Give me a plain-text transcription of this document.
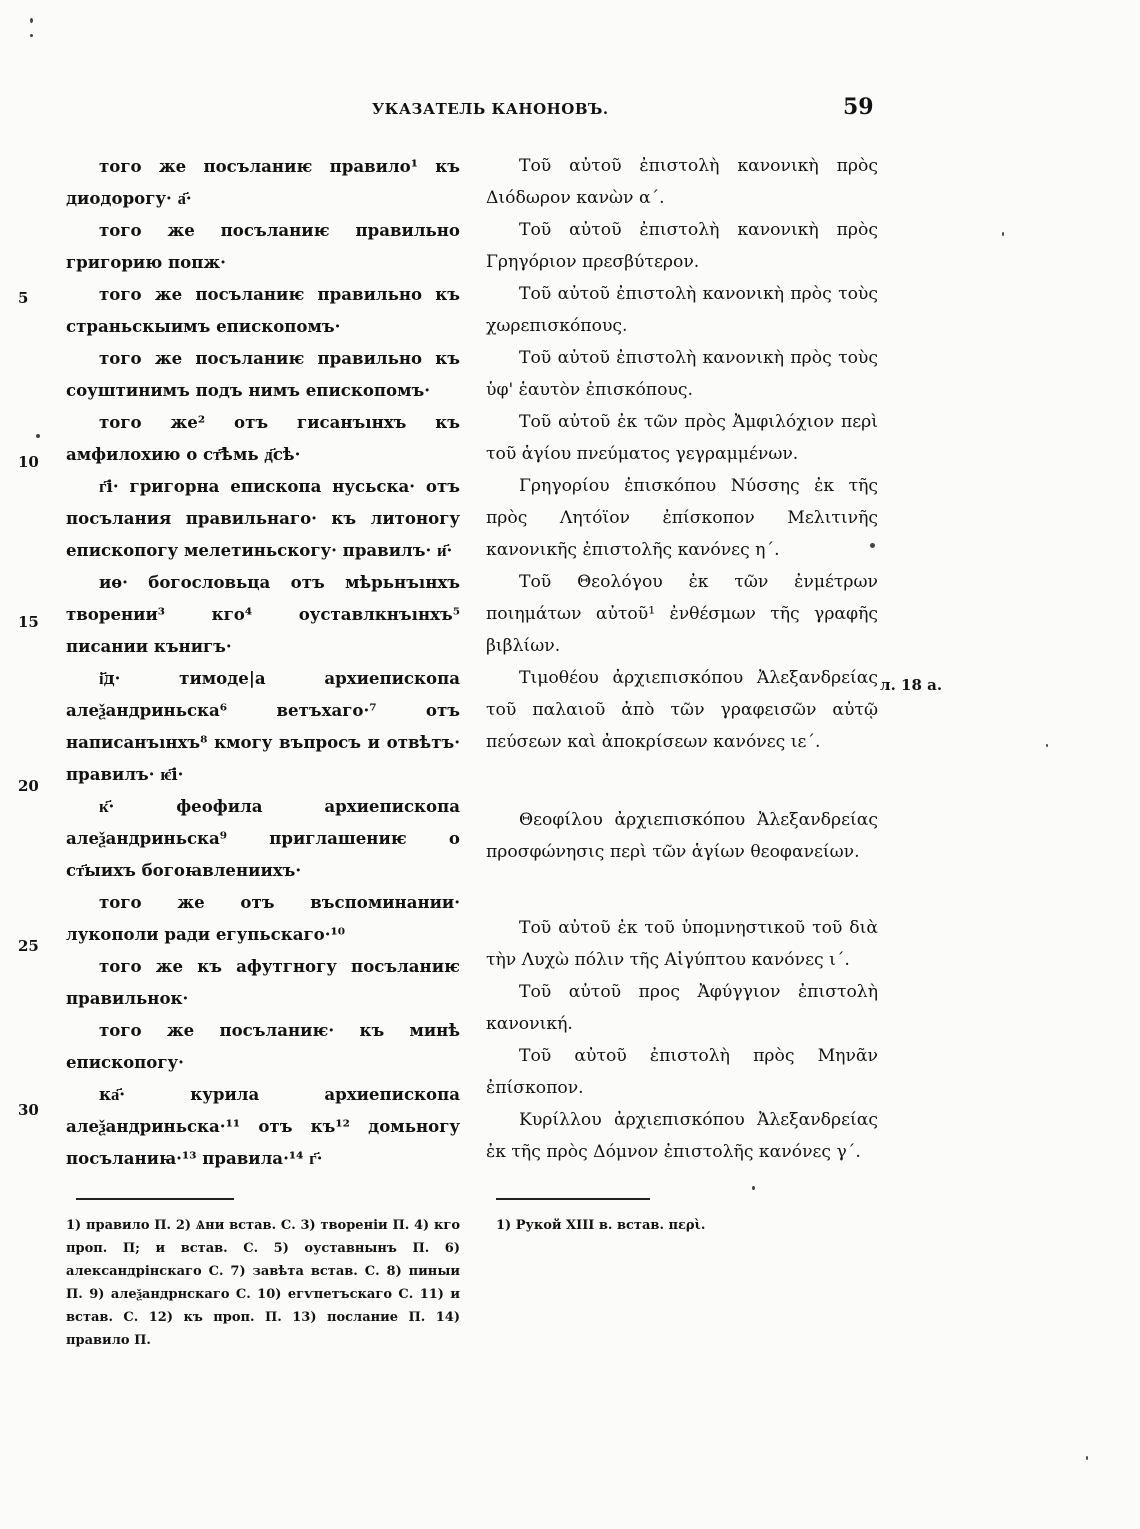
УКАЗАТЕЛЬ КАНОНОВЪ.	59
5
10
15
20
25
30
того же посъланиѥ правило¹ къ диодорогу· а҃·
того же посъланиѥ правильно григорию попж·
того же посъланиѥ правильно къ страньскыимъ епископомъ·
того же посъланиѥ правильно къ соуштинимъ подъ нимъ епископомъ·
того же² отъ гисанъıнхъ къ амфилохию о ст҃ѣмь д҃сѣ·
г҃і· григорна епископа нусьска· отъ посълания правильнаго· къ литоногу епископогу мелетиньскогу· правилъ· и҃·
иѳ· богословьца отъ мѣрьнъıнхъ творении³ кго⁴ оуставлкнъıнхъ⁵ писании кънигъ·
і҃д· тимоде|а архиепископа алеѯандриньска⁶ ветъхаго·⁷ отъ написанъıнхъ⁸ кмогу въпросъ и отвѣтъ· правилъ· ѥ҃і·
к҃· феофила архиепископа алеѯандриньска⁹ приглашениѥ о ст҃ыихъ богоꙗвлениихъ·
того же отъ въспоминании· лукополи ради егупьскаго·¹⁰
того же къ афутгногу посъланиѥ правильнок·
того же посъланиѥ· къ минѣ епископогу·
ка҃· курила архиепископа алеѯандриньска·¹¹ отъ къ¹² домьногу посъланиꙗ·¹³ правила·¹⁴ г҃·
Τοῦ αὐτοῦ ἐπιστολὴ κανονικὴ πρὸς Διόδωρον κανὼν α΄.
Τοῦ αὐτοῦ ἐπιστολὴ κανονικὴ πρὸς Γρηγόριον πρεσβύτερον.
Τοῦ αὐτοῦ ἐπιστολὴ κανονικὴ πρὸς τοὺς χωρεπισκόπους.
Τοῦ αὐτοῦ ἐπιστολὴ κανονικὴ πρὸς τοὺς ὑφ' ἑαυτὸν ἐπισκόπους.
Τοῦ αὐτοῦ ἐκ τῶν πρὸς Ἀμφιλόχιον περὶ τοῦ ἁγίου πνεύματος γεγραμμένων.
Γρηγορίου ἐπισκόπου Νύσσης ἐκ τῆς πρὸς Λητόϊον ἐπίσκοπον Μελιτινῆς κανονικῆς ἐπιστολῆς κανόνες η΄.
Τοῦ Θεολόγου ἐκ τῶν ἐνμέτρων ποιημάτων αὐτοῦ¹ ἐνθέσμων τῆς γραφῆς βιβλίων.
Τιμοθέου ἀρχιεπισκόπου Ἀλεξανδρείας τοῦ παλαιοῦ ἀπὸ τῶν γραφεισῶν αὐτῷ πεύσεων καὶ ἀποκρίσεων κανόνες ιε΄.
Θεοφίλου ἀρχιεπισκόπου Ἀλεξανδρείας προσφώνησις περὶ τῶν ἁγίων θεοφανείων.
Τοῦ αὐτοῦ ἐκ τοῦ ὑπομνηστικοῦ τοῦ διὰ τὴν Λυχὼ πόλιν τῆς Αἰγύπτου κανόνες ι΄.
Τοῦ αὐτοῦ προς Ἀφύγγιον ἐπιστολὴ κανονική.
Τοῦ αὐτοῦ ἐπιστολὴ πρὸς Μηνᾶν ἐπίσκοπον.
Κυρίλλου ἀρχιεπισκόπου Ἀλεξανδρείας ἐκ τῆς πρὸς Δόμνον ἐπιστολῆς κανόνες γ΄.
л. 18 а.
1) правило П. 2) Ѧни встав. С. 3) творенiи П. 4) кго проп. П; и встав. С. 5) оуставнынъ П. 6) александрiнскаго С. 7) завѣта встав. С. 8) пиныи П. 9) алеѯандрнскаго С. 10) егѵпетъскаго С. 11) и встав. С. 12) къ проп. П. 13) послание П. 14) правило П.
1) Рукой XIII в. встав. περὶ.
